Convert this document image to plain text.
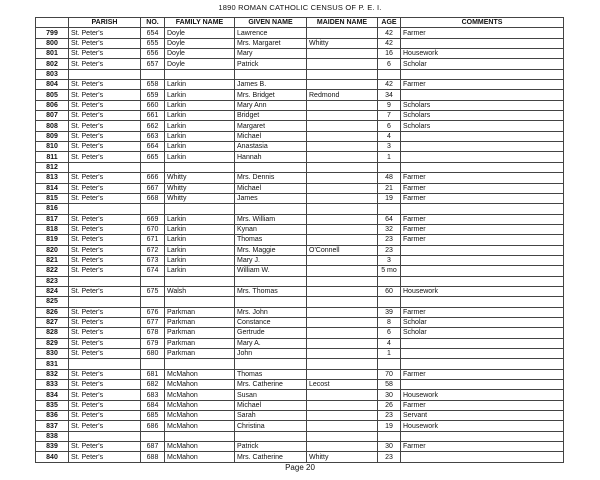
1890 ROMAN CATHOLIC CENSUS OF P. E. I.
	PARISH	NO.	FAMILY NAME	GIVEN NAME	MAIDEN NAME	AGE	COMMENTS
799	St. Peter's	654	Doyle	Lawrence		42	Farmer
800	St. Peter's	655	Doyle	Mrs. Margaret	Whitty	42	
801	St. Peter's	656	Doyle	Mary		16	Housework
802	St. Peter's	657	Doyle	Patrick		6	Scholar
803							
804	St. Peter's	658	Larkin	James B.		42	Farmer
805	St. Peter's	659	Larkin	Mrs. Bridget	Redmond	34	
806	St. Peter's	660	Larkin	Mary Ann		9	Scholars
807	St. Peter's	661	Larkin	Bridget		7	Scholars
808	St. Peter's	662	Larkin	Margaret		6	Scholars
809	St. Peter's	663	Larkin	Michael		4	
810	St. Peter's	664	Larkin	Anastasia		3	
811	St. Peter's	665	Larkin	Hannah		1	
812							
813	St. Peter's	666	Whitty	Mrs. Dennis		48	Farmer
814	St. Peter's	667	Whitty	Michael		21	Farmer
815	St. Peter's	668	Whitty	James		19	Farmer
816							
817	St. Peter's	669	Larkin	Mrs. William		64	Farmer
818	St. Peter's	670	Larkin	Kynan		32	Farmer
819	St. Peter's	671	Larkin	Thomas		23	Farmer
820	St. Peter's	672	Larkin	Mrs. Maggie	O'Connell	23	
821	St. Peter's	673	Larkin	Mary J.		3	
822	St. Peter's	674	Larkin	William W.		5 mo	
823							
824	St. Peter's	675	Walsh	Mrs. Thomas		60	Housework
825							
826	St. Peter's	676	Parkman	Mrs. John		39	Farmer
827	St. Peter's	677	Parkman	Constance		8	Scholar
828	St. Peter's	678	Parkman	Gertrude		6	Scholar
829	St. Peter's	679	Parkman	Mary A.		4	
830	St. Peter's	680	Parkman	John		1	
831							
832	St. Peter's	681	McMahon	Thomas		70	Farmer
833	St. Peter's	682	McMahon	Mrs. Catherine	Lecost	58	
834	St. Peter's	683	McMahon	Susan		30	Housework
835	St. Peter's	684	McMahon	Michael		26	Farmer
836	St. Peter's	685	McMahon	Sarah		23	Servant
837	St. Peter's	686	McMahon	Christina		19	Housework
838							
839	St. Peter's	687	McMahon	Patrick		30	Farmer
840	St. Peter's	688	McMahon	Mrs. Catherine	Whitty	23	
Page 20
